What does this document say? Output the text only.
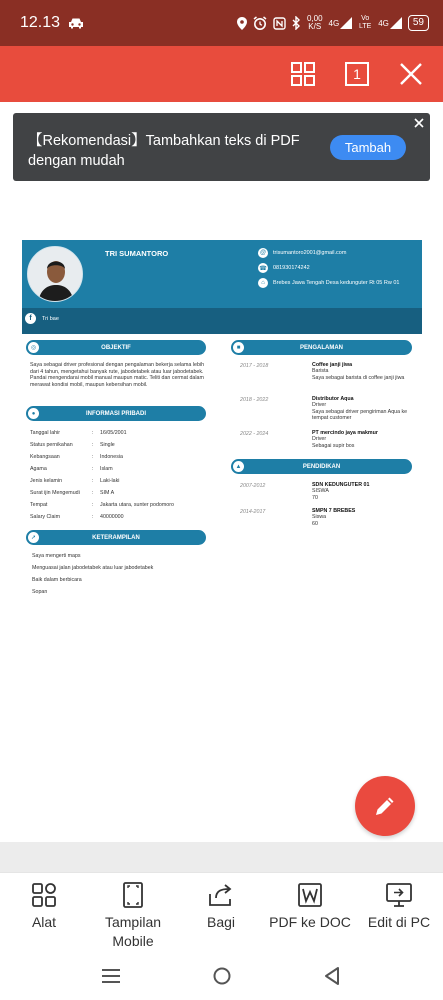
12.13	0,00
K/S 4G	Vo LTE 4G	59
1
【Rekomendasi】Tambahkan teks di PDF dengan mudah
Tambah
TRI SUMANTORO	@	trisumantoro2001@gmail.com
☎ 081930174242
⌂	Brebes Jawa Tengah Desa kedunguter Rt 05 Rw 01
f	Tri bae
◎	OBJEKTIF
Saya sebagai driver profesional dengan pengalaman bekerja selama lebih dari 4 tahun, mengetahui banyak rute, jabodetabek atau luar jabodetabek. Pandai mengendarai mobil manual maupun matic. Teliti dan cermat dalam merawat kondisi mobil, maupun kebersihan mobil.
●	INFORMASI PRIBADI
Tanggal lahir	:	16/05/2001
Status pernikahan	:	Single
Kebangsaan	:	Indonesia
Agama	:	Islam
Jenis kelamin	:	Laki-laki
Surat ijin Mengemudi	:	SIM A
Tempat	:	Jakarta utara, sunter podomoro
Salary Claim	:	40000000
➚	KETERAMPILAN
Saya mengerti maps
Menguasai jalan jabodetabek atau luar jabodetabek
Baik dalam berbicara
Sopan
■	PENGALAMAN
2017 - 2018	Coffee janji jiwa
Barista
Saya sebagai barista di coffee janji jiwa
2018 - 2022	Distributor Aqua
Driver
Saya sebagai driver pengiriman Aqua ke tempat customer
2022 - 2024	PT mercindo jaya makmur
Driver
Sebagai supir bos
▲	PENDIDIKAN
2007-2012	SDN KEDUNGUTER 01
SISWA
70
2014-2017	SMPN 7 BREBES
Siswa
60
Alat	Tampilan Mobile
Bagi PDF ke DOC Edit di PC
